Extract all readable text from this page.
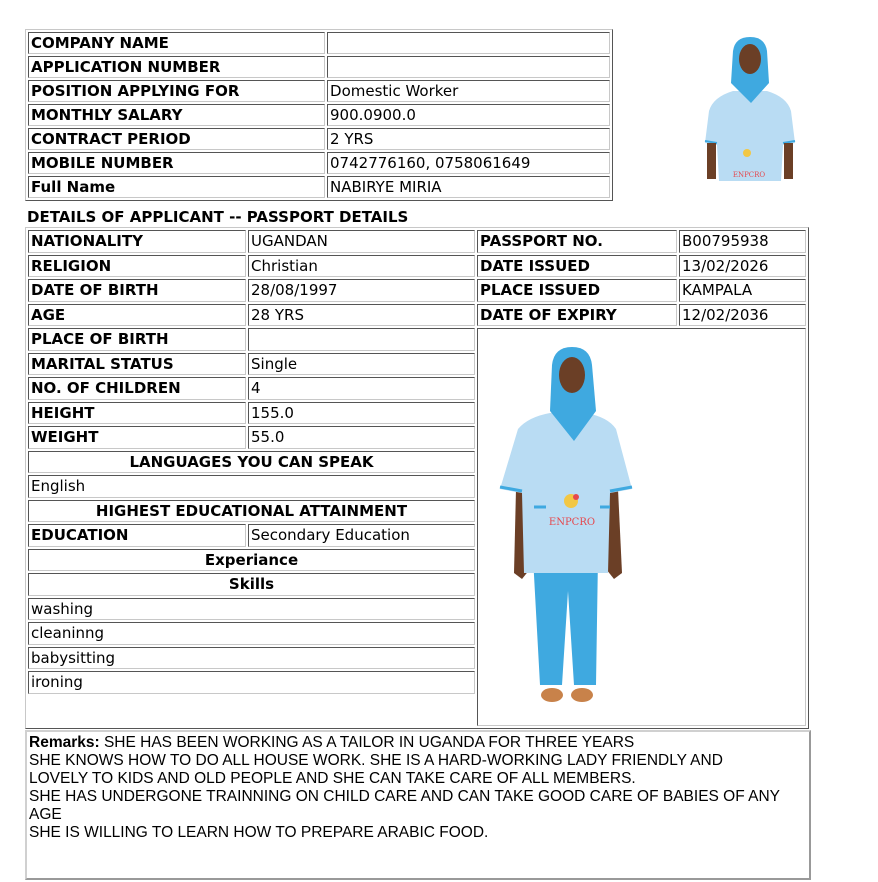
COMPANY NAME	
APPLICATION NUMBER	
POSITION APPLYING FOR	Domestic Worker
MONTHLY SALARY	900.0900.0
CONTRACT PERIOD	2 YRS
MOBILE NUMBER	0742776160, 0758061649
Full Name	NABIRYE MIRIA
ENPCRO
DETAILS OF APPLICANT -- PASSPORT DETAILS
NATIONALITY	UGANDAN	PASSPORT NO.	B00795938
RELIGION	Christian	DATE ISSUED	13/02/2026
DATE OF BIRTH	28/08/1997	PLACE ISSUED	KAMPALA
AGE	28 YRS	DATE OF EXPIRY	12/02/2036
PLACE OF BIRTH		ENPCRO	

MARITAL STATUS	Single		
NO. OF CHILDREN	4		
HEIGHT	155.0		
WEIGHT	55.0		
LANGUAGES YOU CAN SPEAK			
English			
HIGHEST EDUCATIONAL ATTAINMENT			
EDUCATION	Secondary Education		
Experiance			
Skills			
washing			
cleaninng		
babysitting			
ironing			

Remarks: SHE HAS BEEN WORKING AS A TAILOR IN UGANDA FOR THREE YEARS
SHE KNOWS HOW TO DO ALL HOUSE WORK. SHE IS A HARD-WORKING LADY FRIENDLY AND
LOVELY TO KIDS AND OLD PEOPLE AND SHE CAN TAKE CARE OF ALL MEMBERS.
SHE HAS UNDERGONE TRAINNING ON CHILD CARE AND CAN TAKE GOOD CARE OF BABIES OF ANY
AGE
SHE IS WILLING TO LEARN HOW TO PREPARE ARABIC FOOD.
